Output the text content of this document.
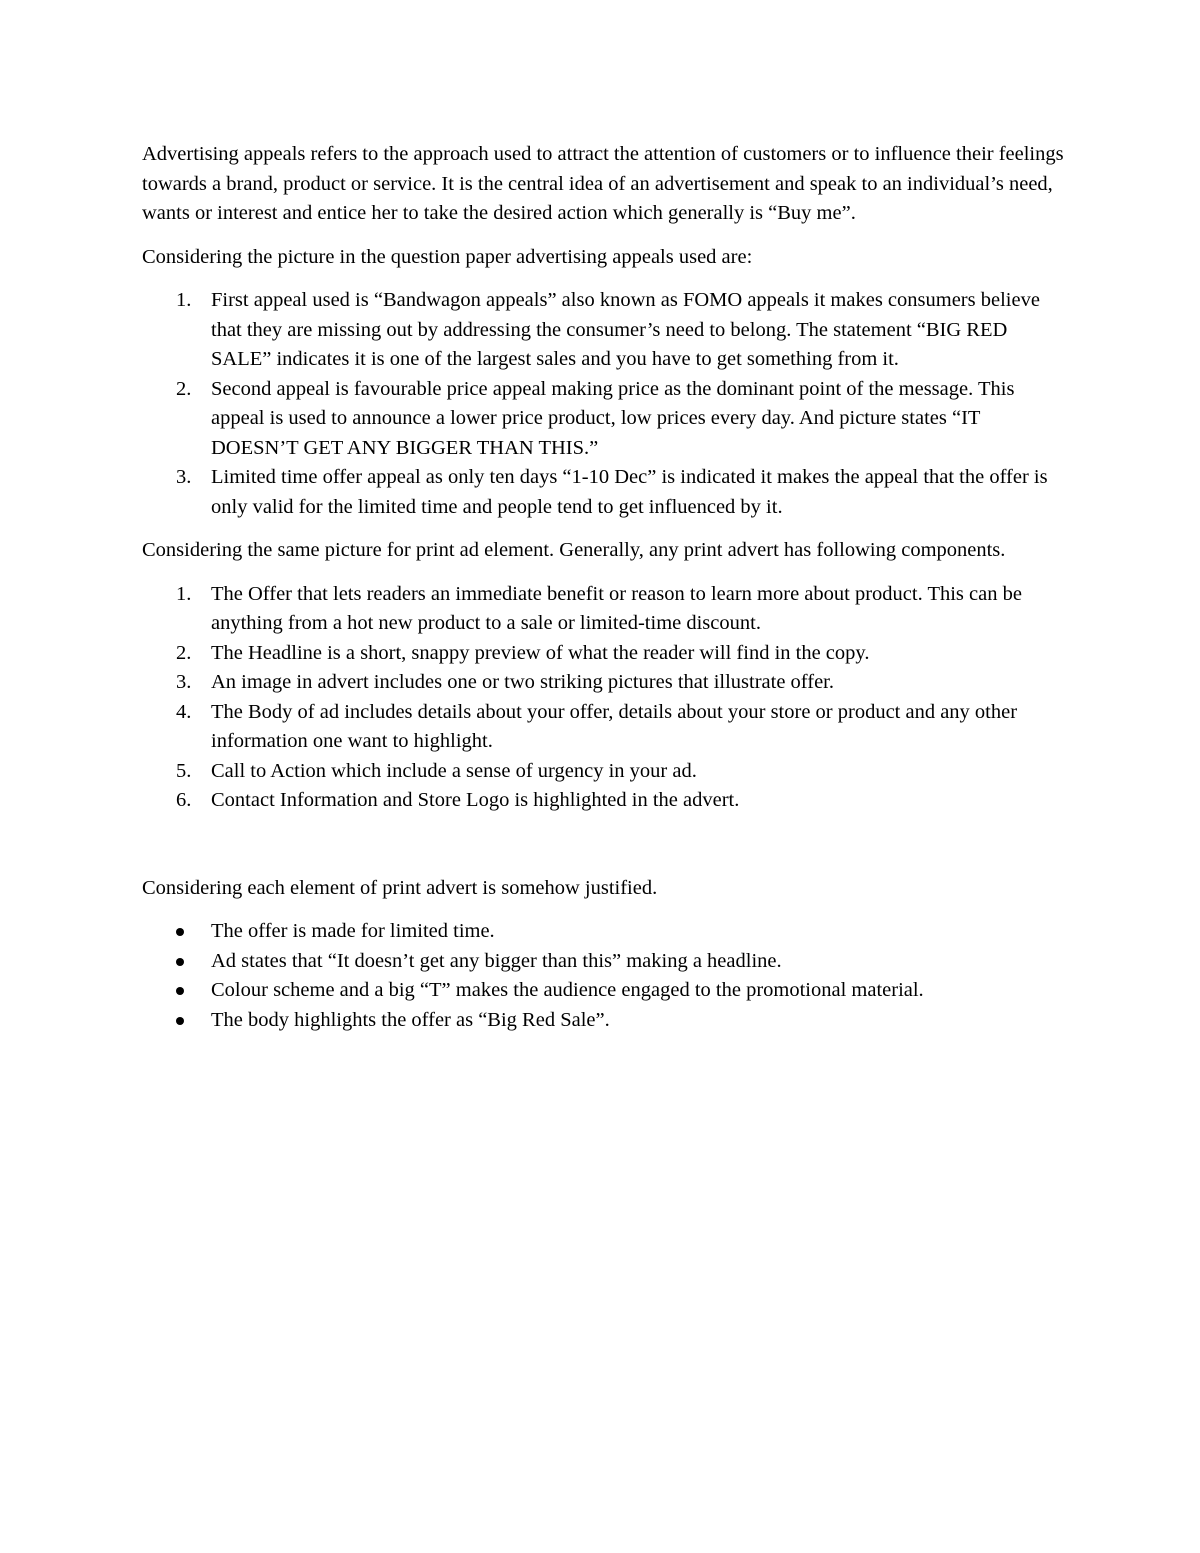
Advertising appeals refers to the approach used to attract the attention of customers or to influence their feelings towards a brand, product or service. It is the central idea of an advertisement and speak to an individual’s need, wants or interest and entice her to take the desired action which generally is “Buy me”.

Considering the picture in the question paper advertising appeals used are:

1. First appeal used is “Bandwagon appeals” also known as FOMO appeals it makes consumers believe that they are missing out by addressing the consumer’s need to belong. The statement “BIG RED SALE” indicates it is one of the largest sales and you have to get something from it.
2. Second appeal is favourable price appeal making price as the dominant point of the message. This appeal is used to announce a lower price product, low prices every day. And picture states “IT DOESN’T GET ANY BIGGER THAN THIS.”
3. Limited time offer appeal as only ten days “1-10 Dec” is indicated it makes the appeal that the offer is only valid for the limited time and people tend to get influenced by it.

Considering the same picture for print ad element. Generally, any print advert has following components.

1. The Offer that lets readers an immediate benefit or reason to learn more about product. This can be anything from a hot new product to a sale or limited-time discount.
2. The Headline is a short, snappy preview of what the reader will find in the copy.
3. An image in advert includes one or two striking pictures that illustrate offer.
4. The Body of ad includes details about your offer, details about your store or product and any other information one want to highlight.
5. Call to Action which include a sense of urgency in your ad.
6. Contact Information and Store Logo is highlighted in the advert.

Considering each element of print advert is somehow justified.

The offer is made for limited time.
Ad states that “It doesn’t get any bigger than this” making a headline.
Colour scheme and a big “T” makes the audience engaged to the promotional material.
The body highlights the offer as “Big Red Sale”.
